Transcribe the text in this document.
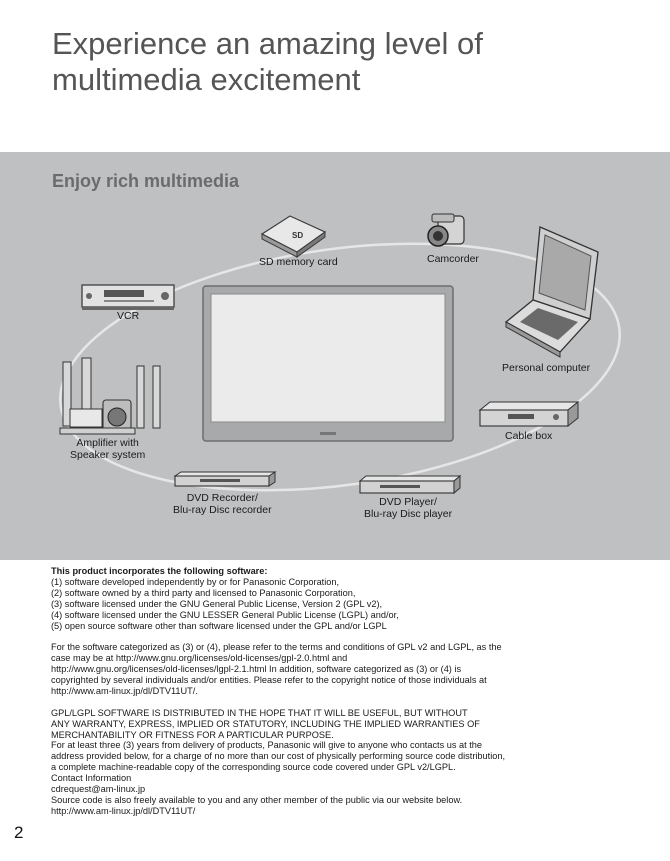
Experience an amazing level of
multimedia excitement
SD
Enjoy rich multimedia
SD memory card	Camcorder
VCR
Personal computer
Amplifier with
Speaker system
Cable box
DVD Recorder/
Blu-ray Disc recorder
DVD Player/
Blu-ray Disc player

This product incorporates the following software:

(1) software developed independently by or for Panasonic Corporation,

(2) software owned by a third party and licensed to Panasonic Corporation,

(3) software licensed under the GNU General Public License, Version 2 (GPL v2),

(4) software licensed under the GNU LESSER General Public License (LGPL) and/or,

(5) open source software other than software licensed under the GPL and/or LGPL

For the software categorized as (3) or (4), please refer to the terms and conditions of GPL v2 and LGPL, as the

case may be at http://www.gnu.org/licenses/old-licenses/gpl-2.0.html and

http://www.gnu.org/licenses/old-licenses/lgpl-2.1.html In addition, software categorized as (3) or (4) is

copyrighted by several individuals and/or entities. Please refer to the copyright notice of those individuals at

http://www.am-linux.jp/dl/DTV11UT/.

GPL/LGPL SOFTWARE IS DISTRIBUTED IN THE HOPE THAT IT WILL BE USEFUL, BUT WITHOUT

ANY WARRANTY, EXPRESS, IMPLIED OR STATUTORY, INCLUDING THE IMPLIED WARRANTIES OF

MERCHANTABILITY OR FITNESS FOR A PARTICULAR PURPOSE.

For at least three (3) years from delivery of products, Panasonic will give to anyone who contacts us at the

address provided below, for a charge of no more than our cost of physically performing source code distribution,

a complete machine-readable copy of the corresponding source code covered under GPL v2/LGPL.

Contact Information

cdrequest@am-linux.jp

Source code is also freely available to you and any other member of the public via our website below.

http://www.am-linux.jp/dl/DTV11UT/

2
